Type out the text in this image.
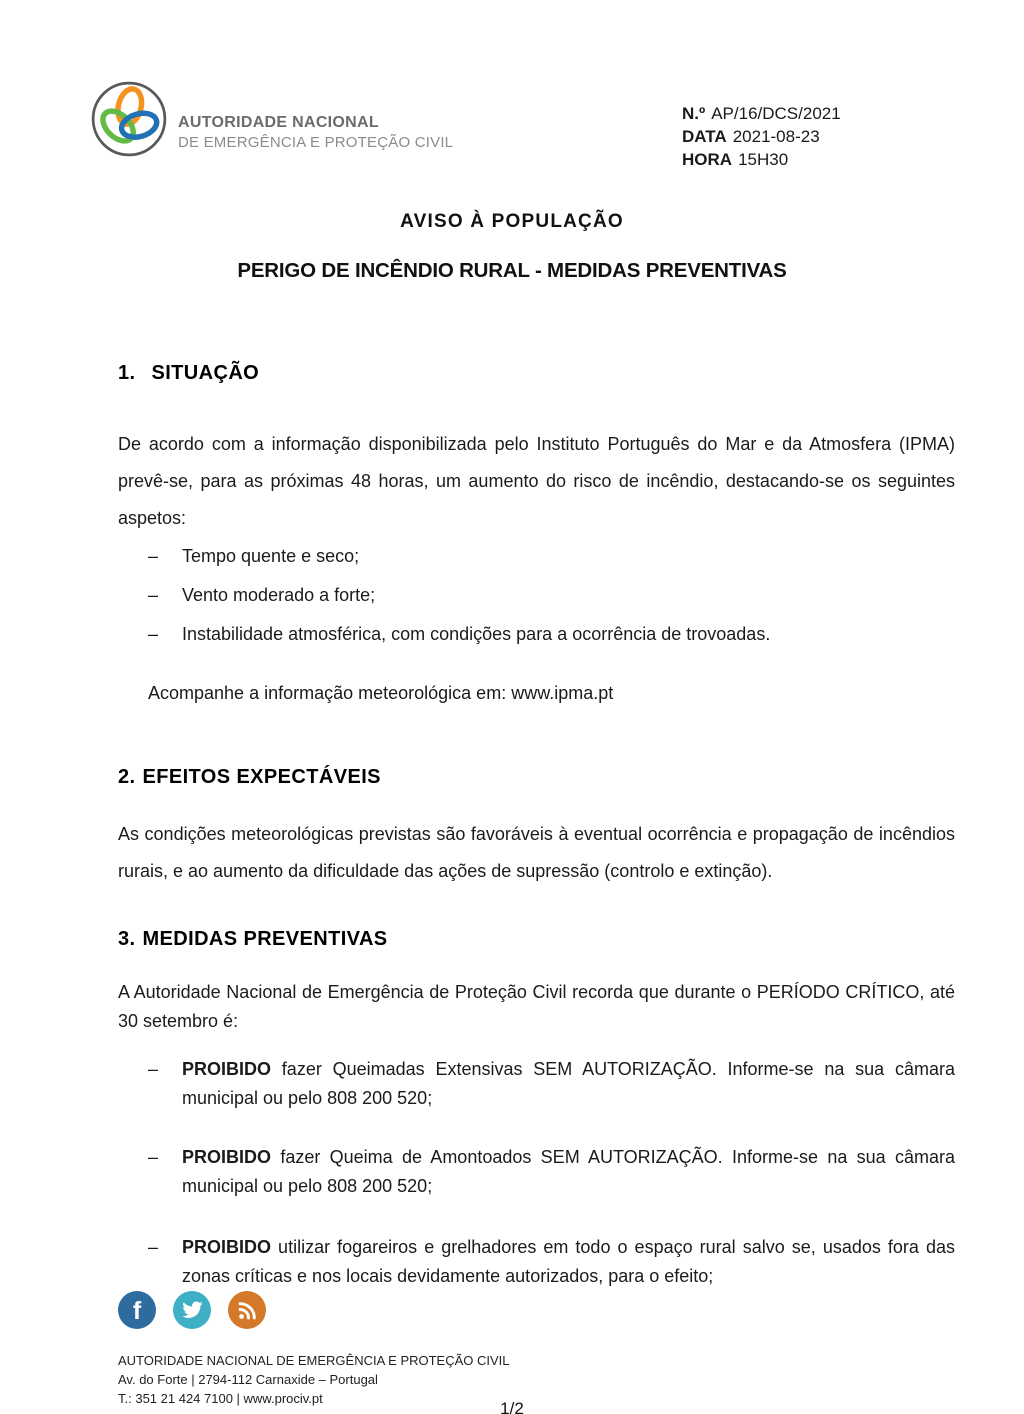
AUTORIDADE NACIONAL
DE EMERGÊNCIA E PROTEÇÃO CIVIL
N.º AP/16/DCS/2021
DATA 2021-08-23
HORA 15H30
AVISO À POPULAÇÃO
PERIGO DE INCÊNDIO RURAL - MEDIDAS PREVENTIVAS
1. SITUAÇÃO

De acordo com a informação disponibilizada pelo Instituto Português do Mar e da Atmosfera (IPMA) prevê-se, para as próximas 48 horas, um aumento do risco de incêndio, destacando-se os seguintes aspetos:

– Tempo quente e seco;
– Vento moderado a forte;
– Instabilidade atmosférica, com condições para a ocorrência de trovoadas.
Acompanhe a informação meteorológica em: www.ipma.pt
2. EFEITOS EXPECTÁVEIS

As condições meteorológicas previstas são favoráveis à eventual ocorrência e propagação de incêndios rurais, e ao aumento da dificuldade das ações de supressão (controlo e extinção).

3. MEDIDAS PREVENTIVAS

A Autoridade Nacional de Emergência de Proteção Civil recorda que durante o PERÍODO CRÍTICO, até 30 setembro é:

– PROIBIDO fazer Queimadas Extensivas SEM AUTORIZAÇÃO. Informe-se na sua câmara municipal ou pelo 808 200 520;
– PROIBIDO fazer Queima de Amontoados SEM AUTORIZAÇÃO. Informe-se na sua câmara municipal ou pelo 808 200 520;
– PROIBIDO utilizar fogareiros e grelhadores em todo o espaço rural salvo se, usados fora das zonas críticas e nos locais devidamente autorizados, para o efeito;
f
AUTORIDADE NACIONAL DE EMERGÊNCIA E PROTEÇÃO CIVIL
Av. do Forte | 2794-112 Carnaxide – Portugal
T.: 351 21 424 7100 | www.prociv.pt
1/2
